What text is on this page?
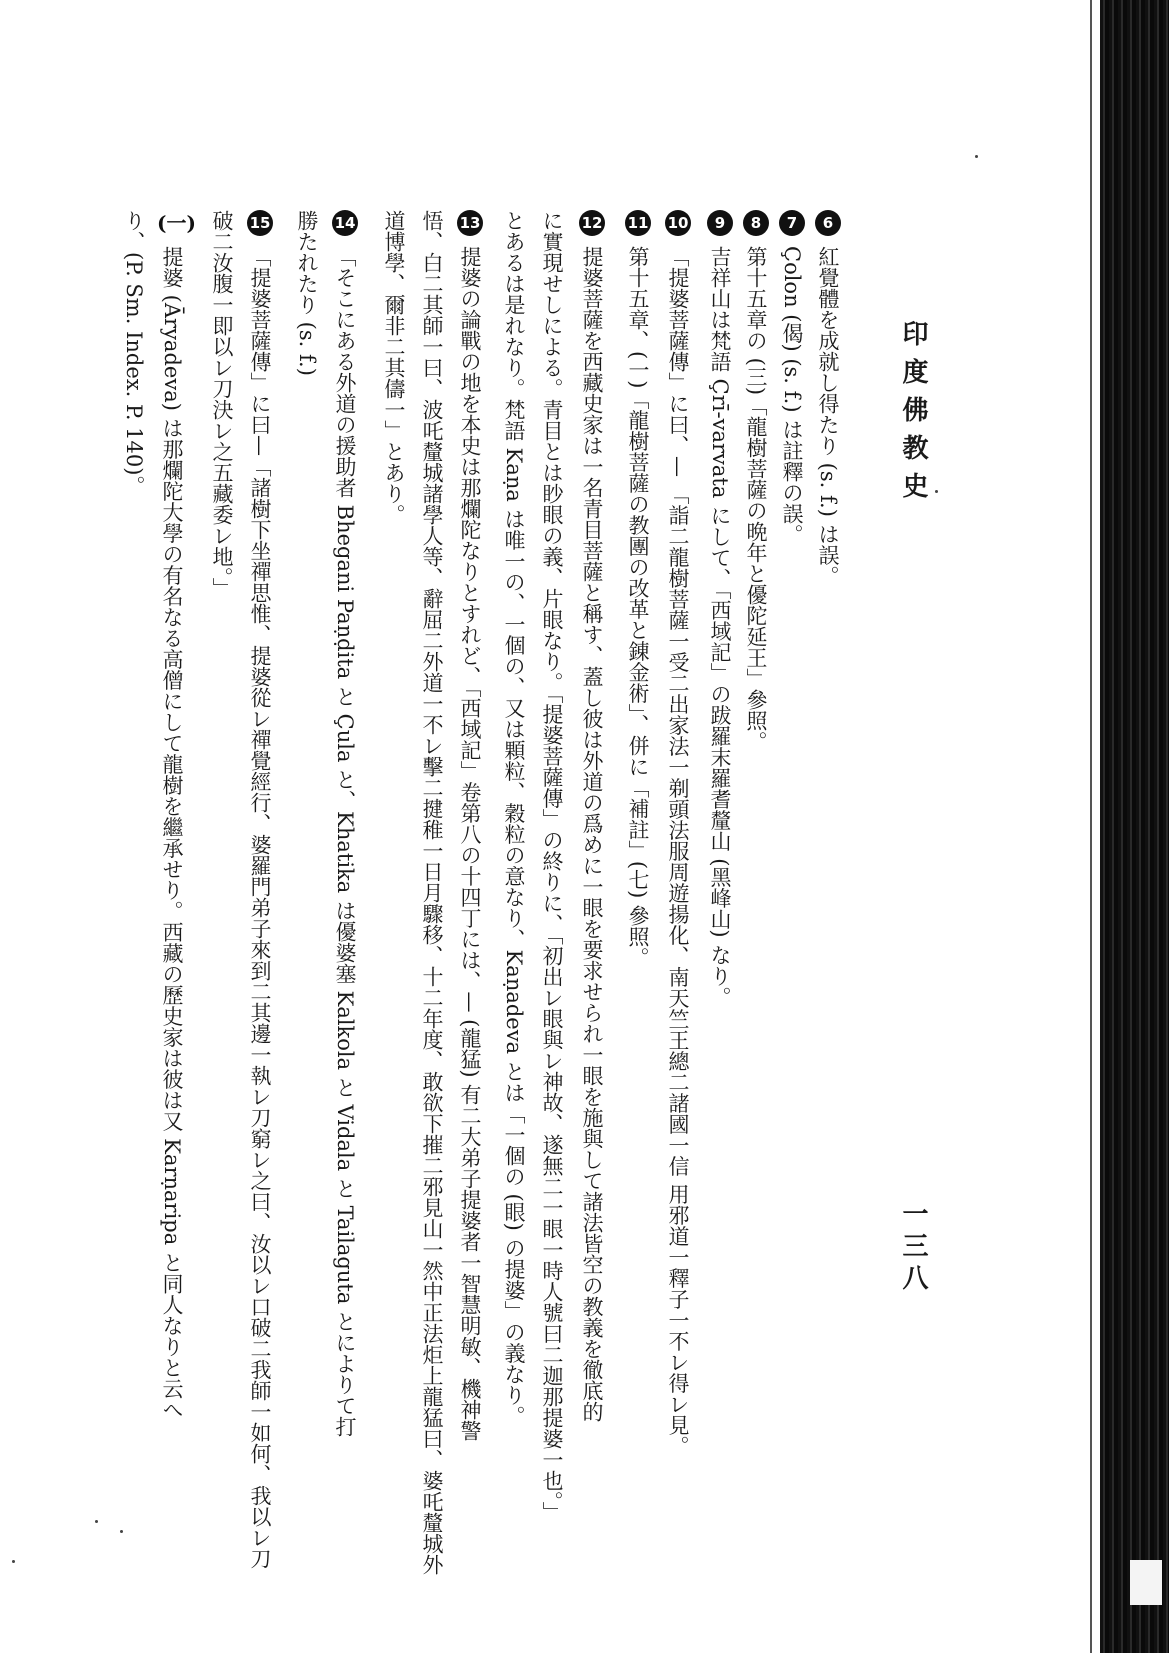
印度佛教史
一三八
6紅覺體を成就し得たり (s. f.) は誤。
7Çolon (偈) (s. f.) は註釋の誤。
8第十五章の (三)「龍樹菩薩の晩年と優陀延王」參照。
9吉祥山は梵語 Çrī-varvata にして、「西域記」の跋羅末羅耆釐山 (黑峰山) なり。
10「提婆菩薩傳」に曰、— 「詣二龍樹菩薩一受二出家法一剃頭法服周遊揚化、南天竺王總二諸國一信 用邪道一釋子一不レ得レ見。
11第十五章、(一)「龍樹菩薩の教團の改革と錬金術」、併に「補註」(七) 參照。
12提婆菩薩を西藏史家は一名青目菩薩と稱す、蓋し彼は外道の爲めに一眼を要求せられ一眼を施與して諸法皆空の教義を徹底的
に實現せしによる。青目とは眇眼の義、片眼なり。「提婆菩薩傳」の終りに、「初出レ眼與レ神故、遂無二一眼一時人號曰二迦那提婆一也。」
とあるは是れなり。梵語 Kaṇa は唯一の、一個の、又は顆粒、穀粒の意なり、Kaṇadeva とは「一個の (眼) の提婆」の義なり。
13提婆の論戰の地を本史は那爛陀なりとすれど、「西域記」卷第八の十四丁には、— (龍猛) 有二大弟子提婆者一智慧明敏、機神警
悟、白二其師一曰、波吒釐城諸學人等、辭屈二外道一不レ擊二揵稚一日月驟移、十二年度、敢欲下摧二邪見山一然中正法炬上龍猛曰、婆吒釐城外
道博學、爾非二其儔一」とあり。
14「そこにある外道の援助者 Bhegani Paṇḍita と Çula と、Khatika は優婆塞 Kalkola と Vidala と Tailaguta とによりて打
勝たれたり (s. f.)
15「提婆菩薩傳」に曰—「諸樹下坐禪思惟、提婆從レ禪覺經行、婆羅門弟子來到二其邊一執レ刀窮レ之曰、汝以レ口破二我師一如何、我以レ刀
破二汝腹一即以レ刀決レ之五藏委レ地。」
(一)提婆 (Āryadeva) は那爛陀大學の有名なる高僧にして龍樹を繼承せり。西藏の歷史家は彼は又 Karṇaripa と同人なりと云へ
り、(P. Sm. Index. P. 140)。
